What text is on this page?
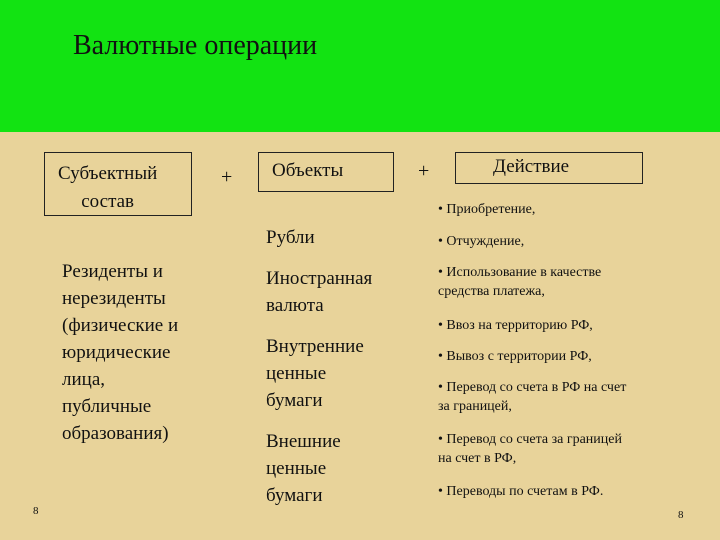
Валютные операции
Субъектный
состав
+ Объекты	+	Действие
Резиденты и
нерезиденты
(физические и
юридические
лица,
публичные
образования)
Рубли
Иностранная
валюта
Внутренние
ценные
бумаги
Внешние
ценные
бумаги
• Приобретение,
• Отчуждение,
• Использование в качестве
средства платежа,
• Ввоз на территорию РФ,
• Вывоз с территории РФ,
• Перевод со счета в РФ на счет
за границей,
• Перевод со счета за границей
на счет в РФ,
• Переводы по счетам в РФ.
8	8
